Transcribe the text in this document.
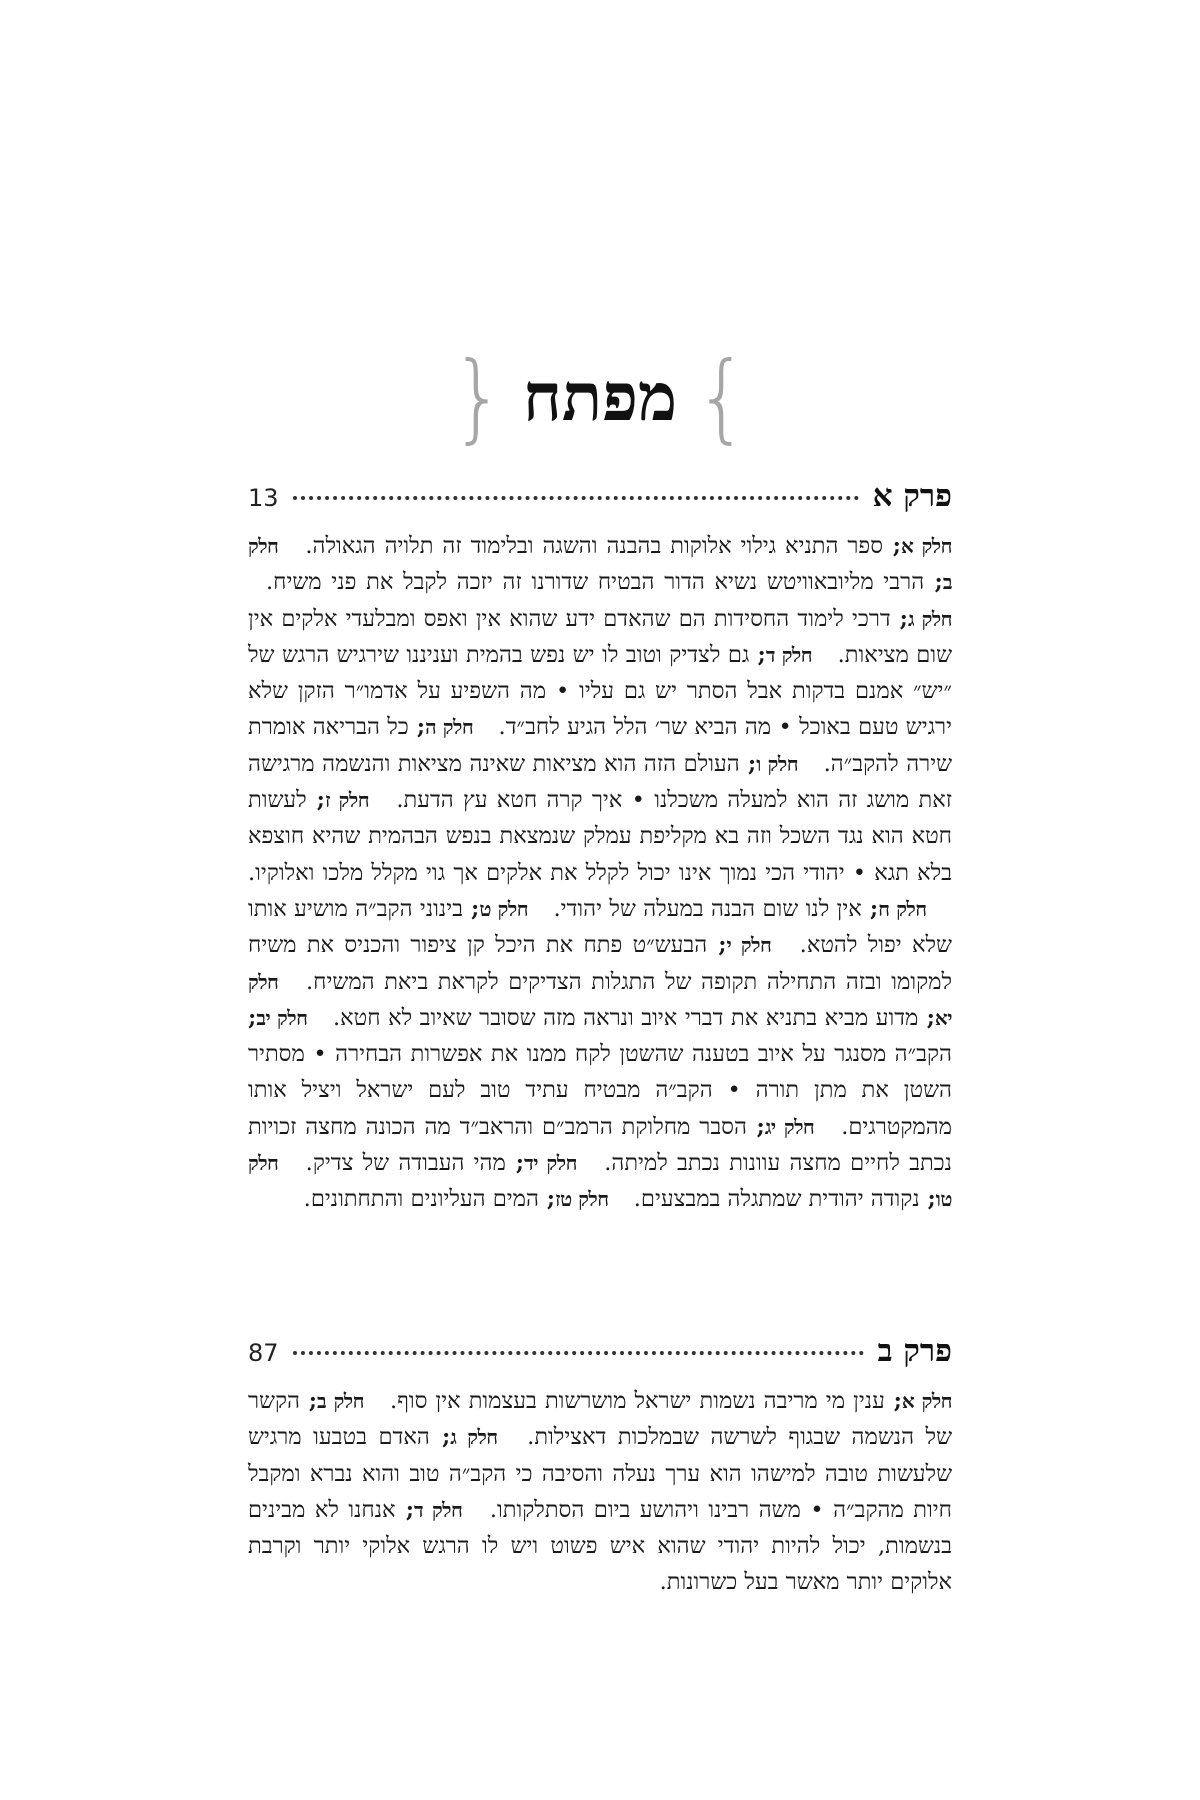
} מפתח {
פרק א
13
חלק א; ספר התניא גילוי אלוקות בהבנה והשגה ובלימוד זה תלויה הגאולה. חלק ב; הרבי מליובאוויטש נשיא הדור הבטיח שדורנו זה יזכה לקבל את פני משיח. חלק ג; דרכי לימוד החסידות הם שהאדם ידע שהוא אין ואפס ומבלעדי אלקים אין שום מציאות. חלק ד; גם לצדיק וטוב לו יש נפש בהמית ועניננו שירגיש הרגש של ״יש״ אמנם בדקות אבל הסתר יש גם עליו • מה השפיע על אדמו״ר הזקן שלא ירגיש טעם באוכל • מה הביא שר׳ הלל הגיע לחב״ד. חלק ה; כל הבריאה אומרת שירה להקב״ה. חלק ו; העולם הזה הוא מציאות שאינה מציאות והנשמה מרגישה זאת מושג זה הוא למעלה משכלנו • איך קרה חטא עץ הדעת. חלק ז; לעשות חטא הוא נגד השכל וזה בא מקליפת עמלק שנמצאת בנפש הבהמית שהיא חוצפא בלא תגא • יהודי הכי נמוך אינו יכול לקלל את אלקים אך גוי מקלל מלכו ואלוקיו. חלק ח; אין לנו שום הבנה במעלה של יהודי. חלק ט; בינוני הקב״ה מושיע אותו שלא יפול להטא. חלק י; הבעש״ט פתח את היכל קן ציפור והכניס את משיח למקומו ובזה התחילה תקופה של התגלות הצדיקים לקראת ביאת המשיח. חלק יא; מדוע מביא בתניא את דברי איוב ונראה מזה שסובר שאיוב לא חטא. חלק יב; הקב״ה מסנגר על איוב בטענה שהשטן לקח ממנו את אפשרות הבחירה • מסתיר השטן את מתן תורה • הקב״ה מבטיח עתיד טוב לעם ישראל ויציל אותו מהמקטרגים. חלק יג; הסבר מחלוקת הרמב״ם והראב״ד מה הכונה מחצה זכויות נכתב לחיים מחצה עוונות נכתב למיתה. חלק יד; מהי העבודה של צדיק. חלק טו; נקודה יהודית שמתגלה במבצעים. חלק טז; המים העליונים והתחתונים.
פרק ב
87
חלק א; ענין מי מריבה נשמות ישראל מושרשות בעצמות אין סוף. חלק ב; הקשר של הנשמה שבגוף לשרשה שבמלכות דאצילות. חלק ג; האדם בטבעו מרגיש שלעשות טובה למישהו הוא ערך נעלה והסיבה כי הקב״ה טוב והוא נברא ומקבל חיות מהקב״ה • משה רבינו ויהושע ביום הסתלקותו. חלק ד; אנחנו לא מבינים בנשמות, יכול להיות יהודי שהוא איש פשוט ויש לו הרגש אלוקי יותר וקרבת אלוקים יותר מאשר בעל כשרונות.
